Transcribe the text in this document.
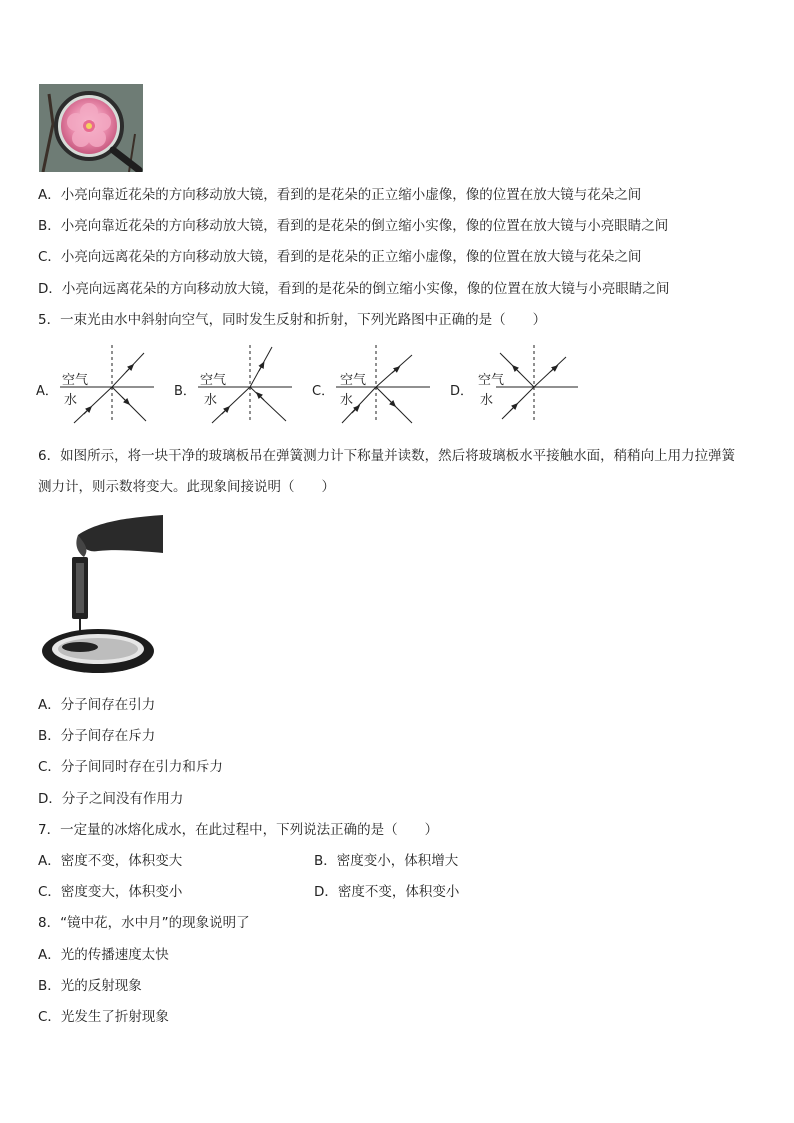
A．小亮向靠近花朵的方向移动放大镜，看到的是花朵的正立缩小虚像，像的位置在放大镜与花朵之间
B．小亮向靠近花朵的方向移动放大镜，看到的是花朵的倒立缩小实像，像的位置在放大镜与小亮眼睛之间
C．小亮向远离花朵的方向移动放大镜，看到的是花朵的正立缩小虚像，像的位置在放大镜与花朵之间
D．小亮向远离花朵的方向移动放大镜，看到的是花朵的倒立缩小实像，像的位置在放大镜与小亮眼睛之间
5．一束光由水中斜射向空气，同时发生反射和折射，下列光路图中正确的是（　　）
A．
空气
水
B．
空气
水
C．
空气
水
D．
空气
水
6．如图所示，将一块干净的玻璃板吊在弹簧测力计下称量并读数，然后将玻璃板水平接触水面，稍稍向上用力拉弹簧
测力计，则示数将变大。此现象间接说明（　　）
A．分子间存在引力
B．分子间存在斥力
C．分子间同时存在引力和斥力
D．分子之间没有作用力
7．一定量的冰熔化成水，在此过程中，下列说法正确的是（　　）
A．密度不变，体积变大	B．密度变小，体积增大
C．密度变大，体积变小	D．密度不变，体积变小
8．“镜中花，水中月”的现象说明了
A．光的传播速度太快
B．光的反射现象
C．光发生了折射现象
